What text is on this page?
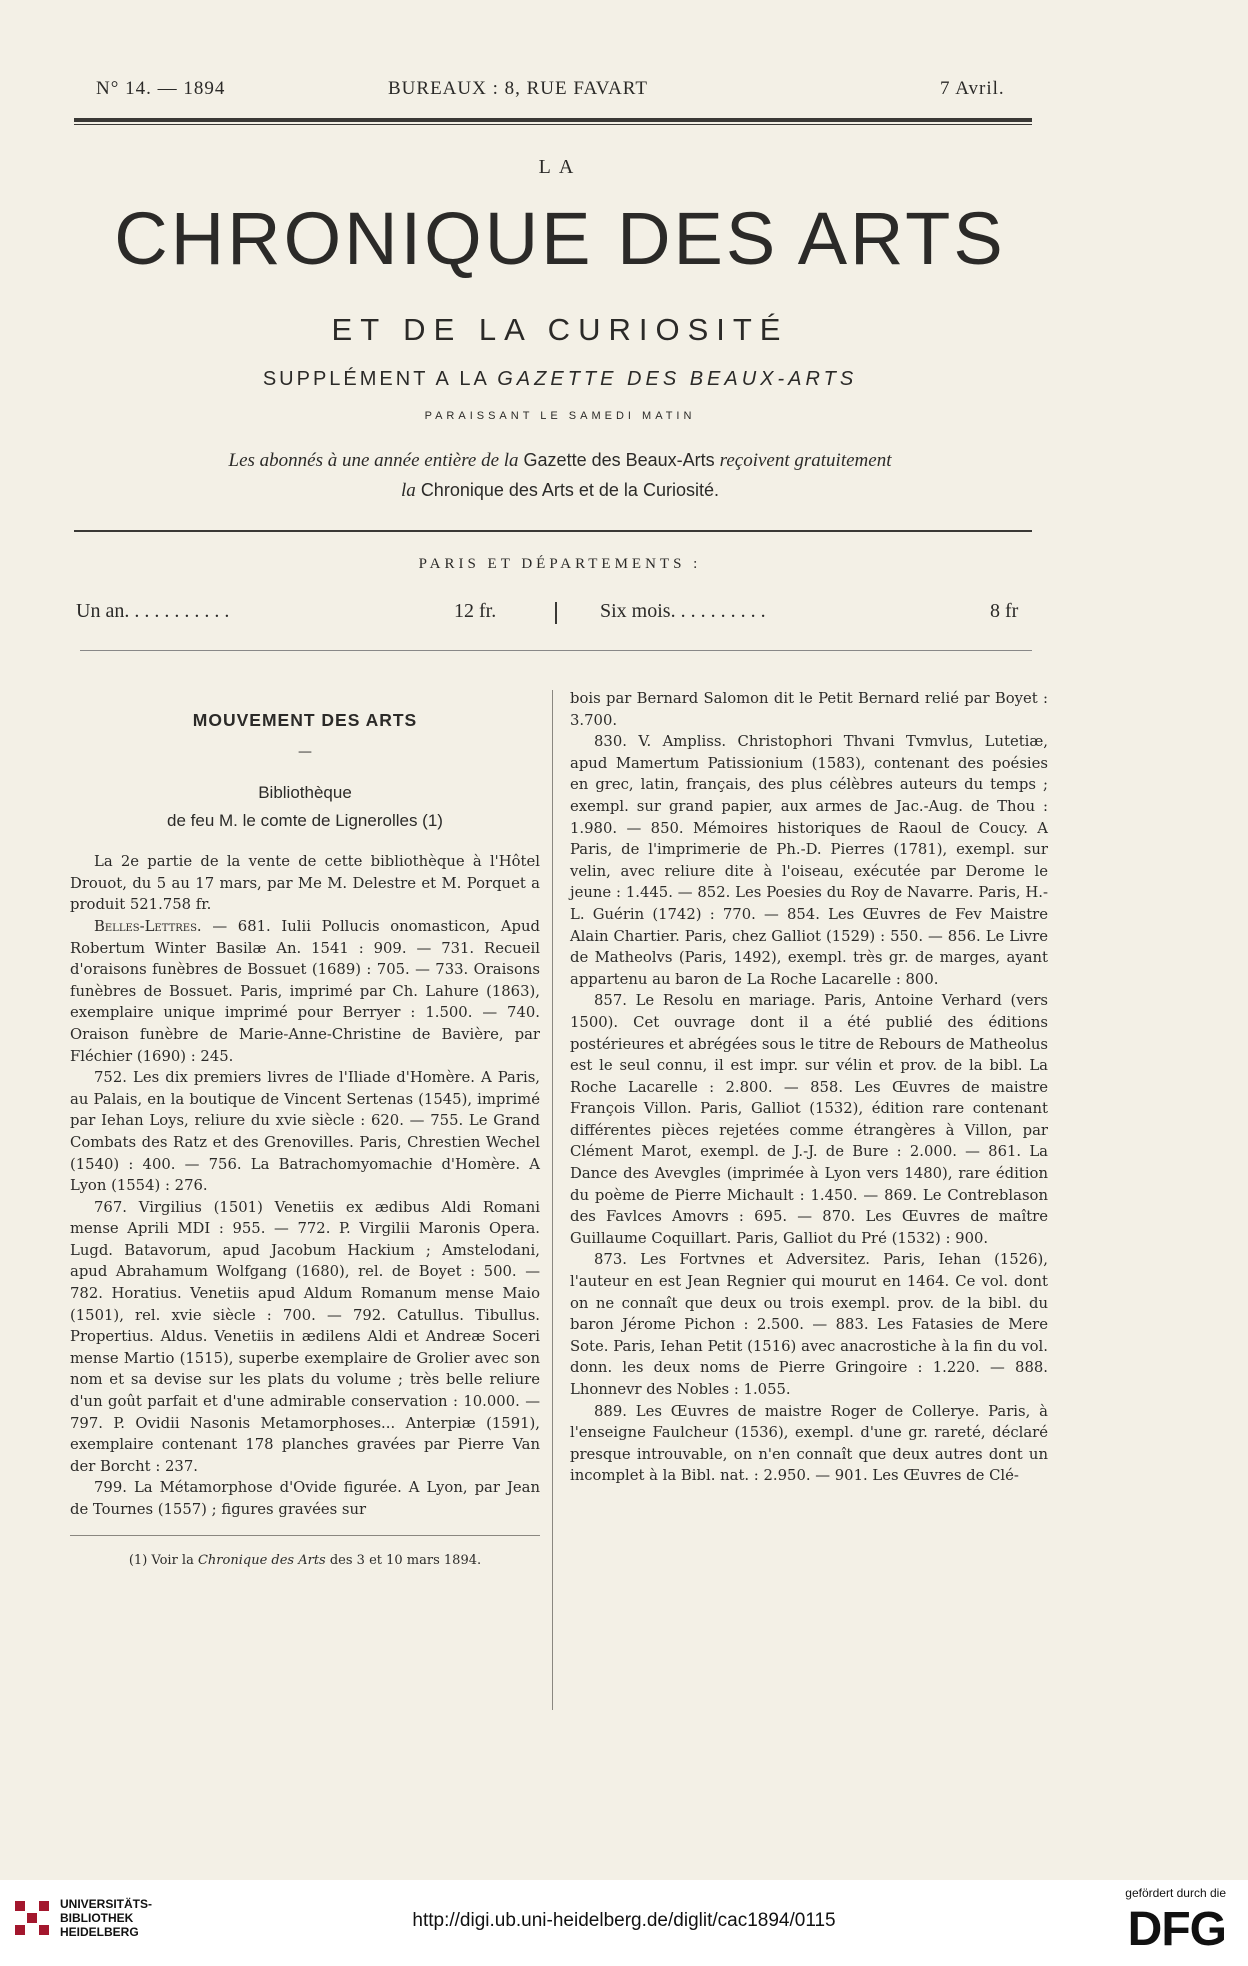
N° 14. — 1894	BUREAUX : 8, RUE FAVART	7 Avril.
LA
CHRONIQUE DES ARTS
ET DE LA CURIOSITÉ
SUPPLÉMENT A LA GAZETTE DES BEAUX-ARTS
PARAISSANT LE SAMEDI MATIN
Les abonnés à une année entière de la Gazette des Beaux-Arts reçoivent gratuitement
la Chronique des Arts et de la Curiosité.
PARIS ET DÉPARTEMENTS :
Un an. . . . . . . . . . .	12 fr.	Six mois. . . . . . . . . .	8 fr
MOUVEMENT DES ARTS
—
Bibliothèque
de feu M. le comte de Lignerolles (1)

La 2e partie de la vente de cette bibliothèque à l'Hôtel Drouot, du 5 au 17 mars, par Me M. Delestre et M. Porquet a produit 521.758 fr.

Belles-Lettres. — 681. Iulii Pollucis onomasticon, Apud Robertum Winter Basilæ An. 1541 : 909. — 731. Recueil d'oraisons funèbres de Bossuet (1689) : 705. — 733. Oraisons funèbres de Bossuet. Paris, imprimé par Ch. Lahure (1863), exemplaire unique imprimé pour Berryer : 1.500. — 740. Oraison funèbre de Marie-Anne-Christine de Bavière, par Fléchier (1690) : 245.

752. Les dix premiers livres de l'Iliade d'Homère. A Paris, au Palais, en la boutique de Vincent Sertenas (1545), imprimé par Iehan Loys, reliure du xvie siècle : 620. — 755. Le Grand Combats des Ratz et des Grenovilles. Paris, Chrestien Wechel (1540) : 400. — 756. La Batrachomyomachie d'Homère. A Lyon (1554) : 276.

767. Virgilius (1501) Venetiis ex ædibus Aldi Romani mense Aprili MDI : 955. — 772. P. Virgilii Maronis Opera. Lugd. Batavorum, apud Jacobum Hackium ; Amstelodani, apud Abrahamum Wolfgang (1680), rel. de Boyet : 500. — 782. Horatius. Venetiis apud Aldum Romanum mense Maio (1501), rel. xvie siècle : 700. — 792. Catullus. Tibullus. Propertius. Aldus. Venetiis in ædilens Aldi et Andreæ Soceri mense Martio (1515), superbe exemplaire de Grolier avec son nom et sa devise sur les plats du volume ; très belle reliure d'un goût parfait et d'une admirable conservation : 10.000. — 797. P. Ovidii Nasonis Metamorphoses... Anterpiæ (1591), exemplaire contenant 178 planches gravées par Pierre Van der Borcht : 237.

799. La Métamorphose d'Ovide figurée. A Lyon, par Jean de Tournes (1557) ; figures gravées sur

(1) Voir la Chronique des Arts des 3 et 10 mars 1894.

bois par Bernard Salomon dit le Petit Bernard relié par Boyet : 3.700.

830. V. Ampliss. Christophori Thvani Tvmvlus, Lutetiæ, apud Mamertum Patissionium (1583), contenant des poésies en grec, latin, français, des plus célèbres auteurs du temps ; exempl. sur grand papier, aux armes de Jac.-Aug. de Thou : 1.980. — 850. Mémoires historiques de Raoul de Coucy. A Paris, de l'imprimerie de Ph.-D. Pierres (1781), exempl. sur velin, avec reliure dite à l'oiseau, exécutée par Derome le jeune : 1.445. — 852. Les Poesies du Roy de Navarre. Paris, H.-L. Guérin (1742) : 770. — 854. Les Œuvres de Fev Maistre Alain Chartier. Paris, chez Galliot (1529) : 550. — 856. Le Livre de Matheolvs (Paris, 1492), exempl. très gr. de marges, ayant appartenu au baron de La Roche Lacarelle : 800.

857. Le Resolu en mariage. Paris, Antoine Verhard (vers 1500). Cet ouvrage dont il a été publié des éditions postérieures et abrégées sous le titre de Rebours de Matheolus est le seul connu, il est impr. sur vélin et prov. de la bibl. La Roche Lacarelle : 2.800. — 858. Les Œuvres de maistre François Villon. Paris, Galliot (1532), édition rare contenant différentes pièces rejetées comme étrangères à Villon, par Clément Marot, exempl. de J.-J. de Bure : 2.000. — 861. La Dance des Avevgles (imprimée à Lyon vers 1480), rare édition du poème de Pierre Michault : 1.450. — 869. Le Contreblason des Favlces Amovrs : 695. — 870. Les Œuvres de maître Guillaume Coquillart. Paris, Galliot du Pré (1532) : 900.

873. Les Fortvnes et Adversitez. Paris, Iehan (1526), l'auteur en est Jean Regnier qui mourut en 1464. Ce vol. dont on ne connaît que deux ou trois exempl. prov. de la bibl. du baron Jérome Pichon : 2.500. — 883. Les Fatasies de Mere Sote. Paris, Iehan Petit (1516) avec anacrostiche à la fin du vol. donn. les deux noms de Pierre Gringoire : 1.220. — 888. Lhonnevr des Nobles : 1.055.

889. Les Œuvres de maistre Roger de Collerye. Paris, à l'enseigne Faulcheur (1536), exempl. d'une gr. rareté, déclaré presque introuvable, on n'en connaît que deux autres dont un incomplet à la Bibl. nat. : 2.950. — 901. Les Œuvres de Clé-

UNIVERSITÄTS-
BIBLIOTHEK
HEIDELBERG
http://digi.ub.uni-heidelberg.de/diglit/cac1894/0115
gefördert durch die
DFG
